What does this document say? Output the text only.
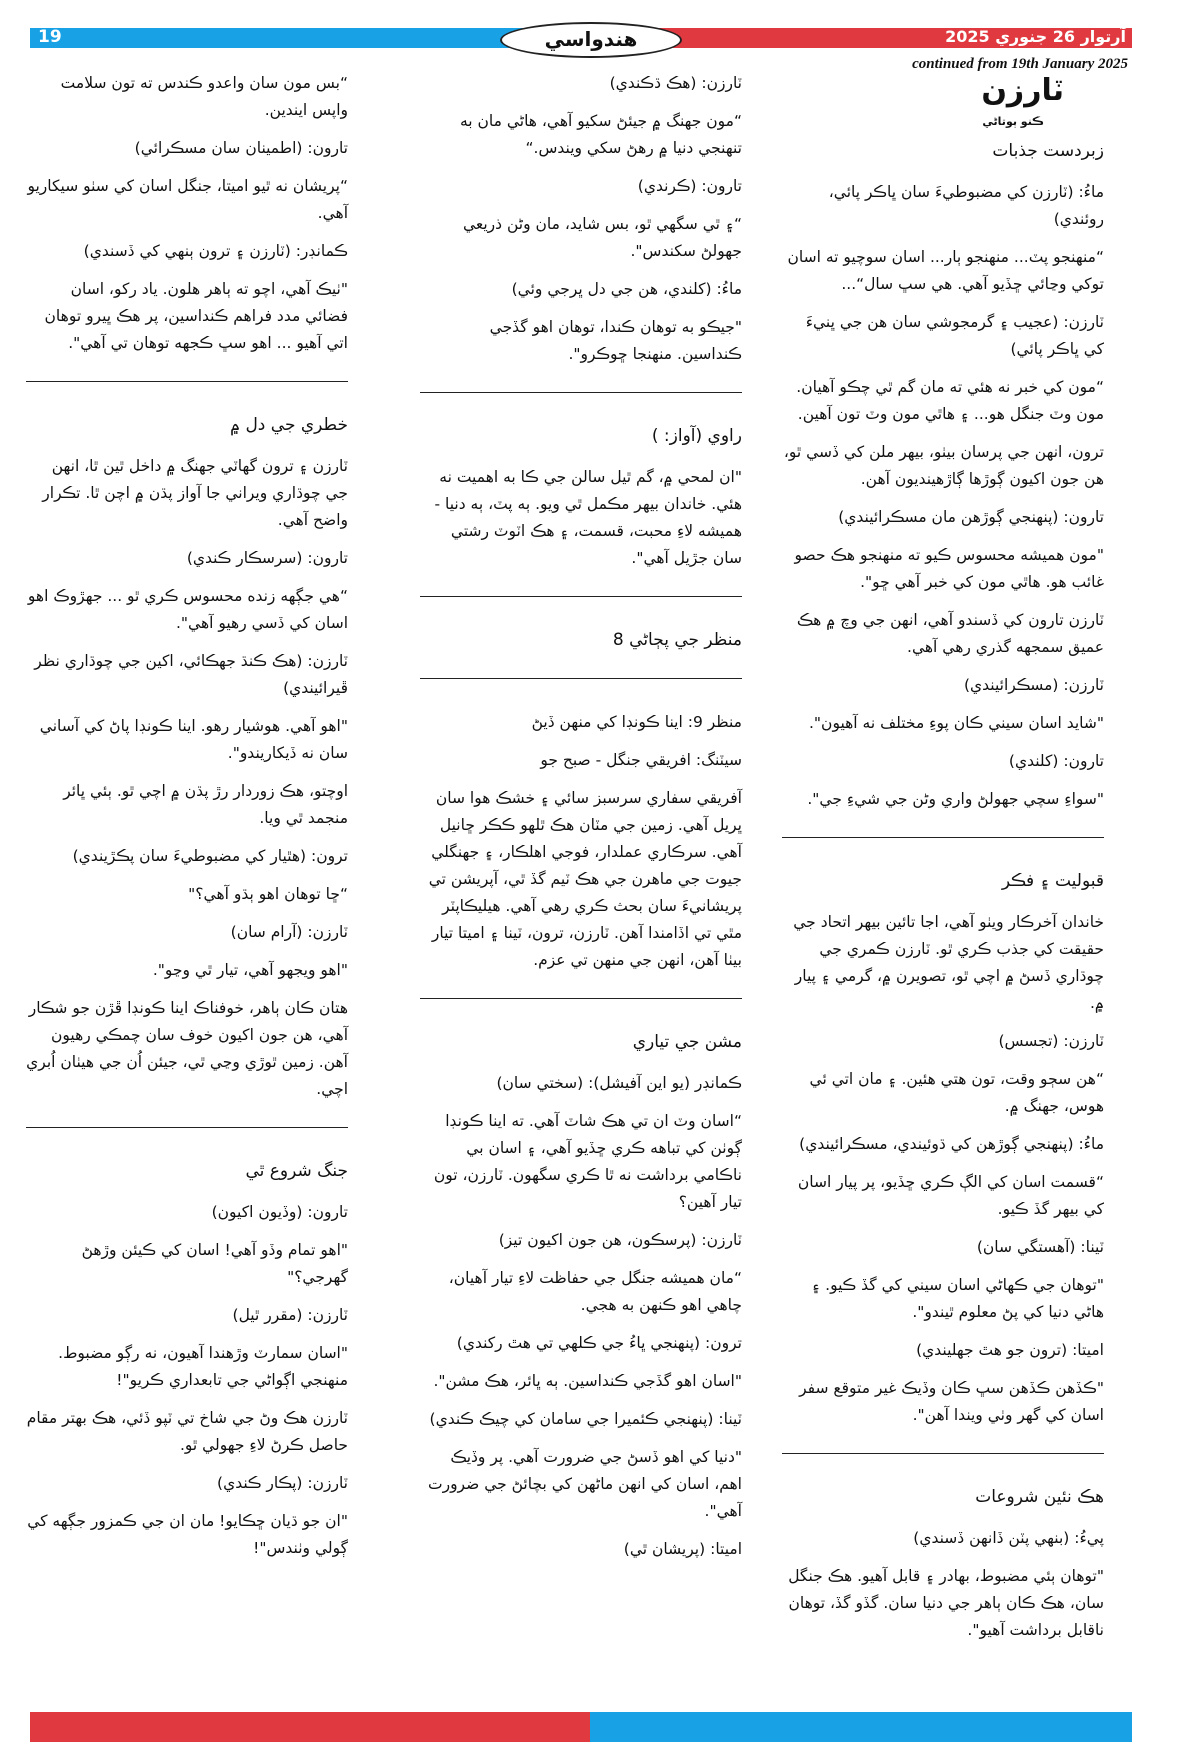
19	هندواسي	آرتوار 26 جنوري 2025
continued from 19th January 2025

ٽارزن

ڪنو ٻوتاڻي

زبردست جذبات

ماءُ: (ٽارزن کي مضبوطيءَ سان ڀاڪر پائي، روئندي)

“منهنجو پٽ... منهنجو ٻار... اسان سوچيو ته اسان توکي وڃائي ڇڏيو آهي. هي سڀ سال“...

ٽارزن: (عجيب ۽ گرمجوشي سان هن جي ڀنيءَ کي ڀاڪر پائي)

“مون کي خبر نه هئي ته مان گم ٿي چڪو آهيان. مون وٽ جنگل هو... ۽ هاٿي مون وٽ تون آهين.

ترون، انهن جي پرسان بيٺو، بيهر ملن کي ڏسي ٿو، هن جون اکيون ڳوڙها ڳاڙهينديون آهن.

تارون: (پنهنجي ڳوڙهن مان مسڪرائيندي)

"مون هميشه محسوس ڪيو ته منهنجو هڪ حصو غائب هو. هاٿي مون کي خبر آهي ڇو".

ٽارزن تارون کي ڏسندو آهي، انهن جي وچ ۾ هڪ عميق سمجهه گذري رهي آهي.

ٽارزن: (مسڪرائيندي)

"شايد اسان سيني ڪان پوءِ مختلف نه آهيون".

تارون: (کلندي)

"سواءِ سچي جهولڻ واري وڻن جي شيءِ جي".

قبوليت ۽ فڪر

خاندان آخرڪار ويٺو آهي، اجا تائين بيهر اتحاد جي حقيقت کي جذب ڪري ٿو. ٽارزن ڪمري جي چوڌاري ڏسڻ ۾ اچي ٿو، تصويرن ۾، گرمي ۽ پيار ۾.

ٽارزن: (تجسس)

“هن سڄو وقت، تون هتي هئين. ۽ مان اتي ئي هوس، جهنگ ۾.

ماءُ: (پنهنجي ڳوڙهن کي ڌوئيندي، مسڪرائيندي)

“قسمت اسان کي الڳ ڪري ڇڏيو، پر پيار اسان کي بيهر گڏ ڪيو.

ٽينا: (آهستگي سان)

"توهان جي ڪهاڻي اسان سيني کي گڏ ڪيو. ۽ هاڻي دنيا کي پڻ معلوم ٿيندو".

اميتا: (ترون جو هٿ جهليندي)

"ڪڏهن ڪڏهن سڀ ڪان وڏيڪ غير متوقع سفر اسان کي گهر وٺي ويندا آهن".

هڪ نئين شروعات

پيءُ: (بنهي پٽن ڏانهن ڏسندي)

"توهان ٻئي مضبوط، بهادر ۽ قابل آهيو. هڪ جنگل سان، هڪ ڪان ٻاهر جي دنيا سان. گڏو گڏ، توهان ناقابل برداشت آهيو".

ٽارزن: (هڪ ڌڪندي)

“مون جهنگ ۾ جيئڻ سکيو آهي، هاڻي مان به تنهنجي دنيا ۾ رهڻ سکي ويندس.“

تارون: (ڪرندي)

“۽ ٿي سگهي ٿو، بس شايد، مان وڻن ذريعي جهولڻ سکندس".

ماءُ: (کلندي، هن جي دل ڀرجي وئي)

"جيڪو به توهان ڪندا، توهان اهو گڏجي ڪنداسين. منهنجا ڇوڪرو".

راوي (آواز: )

"ان لمحي ۾، گم ٿيل سالن جي ڪا به اهميت نه هئي. خاندان بيهر مڪمل ٿي ويو. ٻه پٽ، ٻه دنيا - هميشه لاءِ محبت، قسمت، ۽ هڪ اٽوٽ رشتي سان جڙيل آهي".

منظر جي پڄاڻي 8

منظر 9: اينا ڪونڊا کي منهن ڏيڻ

سيٽنگ: افريقي جنگل - صبح جو

آفريقي سفاري سرسبز سائي ۽ خشڪ هوا سان ڀريل آهي. زمين جي مٽان هڪ ٿلهو ڪڪر ڇانيل آهي. سرڪاري عملدار، فوجي اهلڪار، ۽ جهنگلي جيوت جي ماهرن جي هڪ ٽيم گڏ ٿي، آپريشن تي پريشانيءَ سان بحث ڪري رهي آهي. هيليڪاپٽر مٿي تي اڏامندا آهن. ٽارزن، ترون، ٽينا ۽ اميتا تيار بيٺا آهن، انهن جي منهن تي عزم.

مشن جي تياري

ڪمانڊر (يو اين آفيشل): (سختي سان)

“اسان وٽ ان تي هڪ شاٽ آهي. ته اينا ڪونڊا ڳوٺن کي تباهه ڪري ڇڏيو آهي، ۽ اسان بي ناڪامي برداشت نه ٿا ڪري سگهون. ٽارزن، تون تيار آهين؟

ٽارزن: (پرسڪون، هن جون اکيون تيز)

“مان هميشه جنگل جي حفاظت لاءِ تيار آهيان، چاهي اهو ڪنهن به هجي.

ترون: (پنهنجي ڀاءُ جي ڪلهي تي هٿ رکندي)

"اسان اهو گڏجي ڪنداسين. ٻه ڀائر، هڪ مشن".

ٽينا: (پنهنجي ڪئميرا جي سامان کي چيڪ ڪندي)

"دنيا کي اهو ڏسڻ جي ضرورت آهي. پر وڏيڪ اهم، اسان کي انهن ماڻهن کي بچائڻ جي ضرورت آهي".

اميتا: (پريشان ٿي)

“بس مون سان واعدو ڪندس ته تون سلامت واپس ايندين.

تارون: (اطمينان سان مسڪرائي)

“پريشان نه ٿيو اميتا، جنگل اسان کي سٺو سيکاريو آهي.

ڪمانڊر: (ٽارزن ۽ ترون ٻنهي کي ڏسندي)

"ٺيڪ آهي، اچو ته ٻاهر هلون. ياد رکو، اسان فضائي مدد فراهم ڪنداسين، پر هڪ ڀيرو توهان اتي آهيو ... اهو سڀ ڪجهه توهان تي آهي".

خطري جي دل ۾

ٽارزن ۽ ترون گهاٽي جهنگ ۾ داخل ٿين ٿا، انهن جي چوڌاري ويراني جا آواز پڌن ۾ اچن ٿا. تڪرار واضح آهي.

تارون: (سرسڪار ڪندي)

“هي جڳهه زنده محسوس ڪري ٿو ... جهڙوڪ اهو اسان کي ڏسي رهيو آهي".

ٽارزن: (هڪ ڪنڌ جهڪائي، اکين جي چوڌاري نظر ڦيرائيندي)

"اهو آهي. هوشيار رهو. اينا ڪونڊا پاڻ کي آساني سان نه ڏيکاريندو".

اوچتو، هڪ زوردار رڙ پڌن ۾ اچي ٿو. ٻئي ڀائر منجمد ٿي ويا.

ترون: (هٿيار کي مضبوطيءَ سان پڪڙيندي)

“ڇا توهان اهو ٻڌو آهي؟"

ٽارزن: (آرام سان)

"اهو ويجهو آهي، تيار ٿي وڃو".

هتان ڪان ٻاهر، خوفناڪ اينا ڪونڊا ڦڙن جو شڪار آهي، هن جون اکيون خوف سان چمڪي رهيون آهن. زمين ٿوڙي وڃي ٿي، جيئن اُن جي هيٺان اُبري اچي.

جنگ شروع ٿي

تارون: (وڏيون اکيون)

"اهو تمام وڏو آهي! اسان کي ڪيئن وڙهڻ گهرجي؟"

ٽارزن: (مقرر ٿيل)

"اسان سمارٽ وڙهندا آهيون، نه رڳو مضبوط. منهنجي اڳواڻي جي تابعداري ڪريو"!

ٽارزن هڪ وڻ جي شاخ تي ٽپو ڏئي، هڪ بهتر مقام حاصل ڪرڻ لاءِ جهولي ٿو.

ٽارزن: (پڪار ڪندي)

"ان جو ڌيان ڇڪايو! مان ان جي ڪمزور جڳهه کي ڳولي وٺندس"!
